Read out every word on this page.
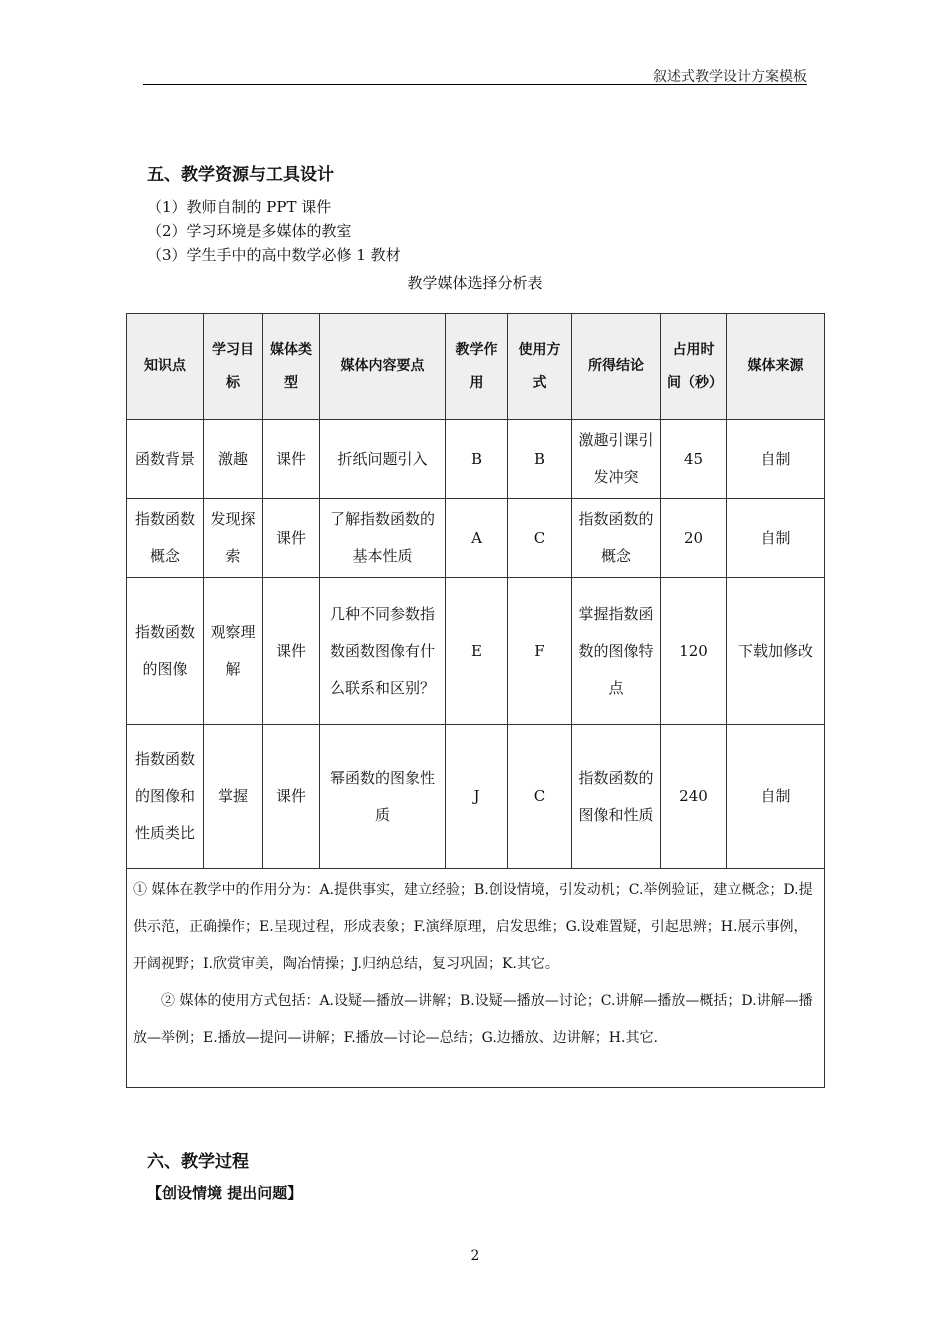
叙述式教学设计方案模板
五、教学资源与工具设计
（1）教师自制的 PPT 课件
（2）学习环境是多媒体的教室
（3）学生手中的高中数学必修 1 教材
教学媒体选择分析表
知识点	学习目标	媒体类型	媒体内容要点	教学作用	使用方式	所得结论	占用时间（秒）	媒体来源
函数背景	激趣	课件	折纸问题引入	B	B	激趣引课引发冲突	45	自制
指数函数概念	发现探索	课件	了解指数函数的基本性质	A	C	指数函数的概念	20	自制
指数函数的图像	观察理解	课件	几种不同参数指数函数图像有什么联系和区别？	E	F	掌握指数函数的图像特点	120	下载加修改
指数函数的图像和性质类比	掌握	课件	幂函数的图象性质	J	C	指数函数的图像和性质	240	自制
① 媒体在教学中的作用分为：A.提供事实，建立经验；B.创设情境，引发动机；C.举例验证，建立概念；D.提供示范，正确操作；E.呈现过程，形成表象；F.演绎原理，启发思维；G.设难置疑，引起思辨；H.展示事例，开阔视野；I.欣赏审美，陶冶情操；J.归纳总结，复习巩固；K.其它。
② 媒体的使用方式包括：A.设疑—播放—讲解；B.设疑—播放—讨论；C.讲解—播放—概括；D.讲解—播放—举例；E.播放—提问—讲解；F.播放—讨论—总结；G.边播放、边讲解；H.其它.								
六、教学过程
【创设情境 提出问题】
2
